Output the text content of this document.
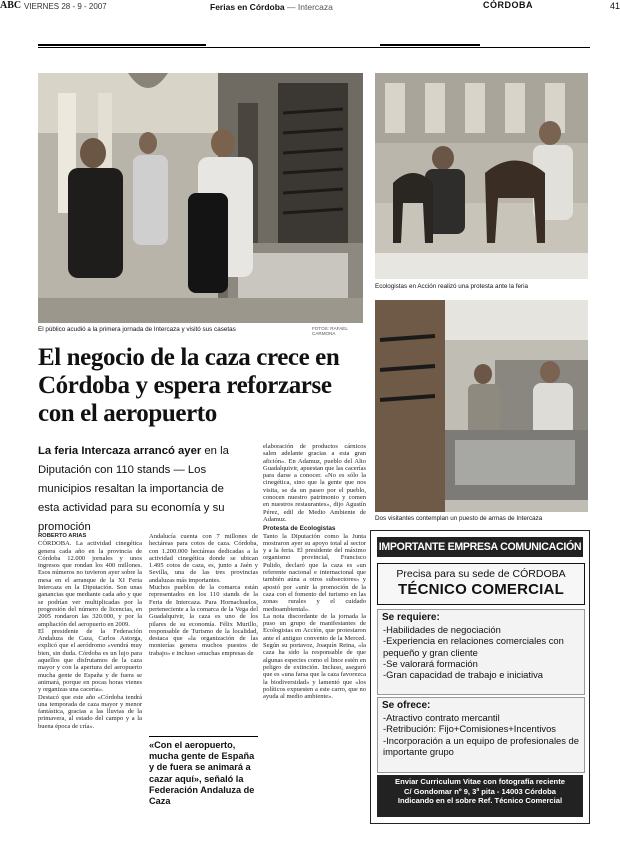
ABC VIERNES 28 - 9 - 2007	Ferias en Córdoba — Intercaza	CÓRDOBA	41
El público acudió a la primera jornada de Intercaza y visitó sus casetas	FOTOS: RAFAEL CARMONA
Ecologistas en Acción realizó una protesta ante la feria
Dos visitantes contemplan un puesto de armas de Intercaza
El negocio de la caza crece en Córdoba y espera reforzarse con el aeropuerto
La feria Intercaza arrancó ayer en la Diputación con 110 stands — Los municipios resaltan la importancia de esta actividad para su economía y su promoción
ROBERTO ARIAS
CÓRDOBA. La actividad cinegética genera cada año en la provincia de Córdoba 12.000 jornales y unos ingresos que rondan los 400 millones. Esos números no tuvieron ayer sobre la mesa en el arranque de la XI Feria Intercaza en la Diputación. Son unas ganancias que mediante cada año y que se podrían ver multiplicadas por la progresión del número de licencias, en 2005 rondaron las 320.000, y por la ampliación del aeropuerto en 2009.
El presidente de la Federación Andaluza de Caza, Carlos Astorga, explicó que el aeródromo «vendrá muy bien, sin duda. Córdoba es un lujo para aquellos que disfrutamos de la caza mayor y con la apertura del aeropuerto mucha gente de España y de fuera se animará, porque en pocas horas vienes y organizas una cacería».
Destacó que este año «Córdoba tendrá una temporada de caza mayor y menor fantástica, gracias a las lluvias de la primavera, al estado del campo y a la buena época de cría».
Andalucía cuenta con 7 millones de hectáreas para cotos de caza. Córdoba, con 1.200.000 hectáreas dedicadas a la actividad cinegética donde se ubican 1.495 cotos de caza, es, junto a Jaén y Sevilla, una de las tres provincias andaluzas más importantes.
Muchos pueblos de la comarca están representados en los 110 stands de la Feria de Intercaza. Para Hornachuelos, perteneciente a la comarca de la Vega del Guadalquivir, la caza es uno de los pilares de su economía. Félix Murillo, responsable de Turismo de la localidad, destaca que «la organización de las monterías genera muchos puestos de trabajo» e incluso «muchas empresas de
«Con el aeropuerto, mucha gente de España y de fuera se animará a cazar aquí», señaló la Federación Andaluza de Caza
elaboración de productos cárnicos salen adelante gracias a esta gran afición». En Adamuz, pueblo del Alto Guadalquivir, apuestan que las cacerías para darse a conocer. «No es sólo la cinegética, sino que la gente que nos visita, se da un paseo por el pueblo, conocen nuestro patrimonio y comen en nuestros restaurantes», dijo Agustín Pérez, edil de Medio Ambiente de Adamuz.
Protesta de Ecologistas
Tanto la Diputación como la Junta mostraron ayer su apoyo total al sector y a la feria. El presidente del máximo organismo provincial, Francisco Pulido, declaró que la caza es «un referente nacional e internacional que también aúna a otros subsectores» y apostó por «unir la promoción de la caza con el fomento del turismo en las zonas rurales y el cuidado medioambiental».
La nota discordante de la jornada la puso un grupo de manifestantes de Ecologistas en Acción, que protestaron ante el antiguo convento de la Merced. Según su portavoz, Joaquín Reina, «la caza ha sido la responsable de que algunas especies como el lince estén en peligro de extinción. Incluso, aseguró que es «una farsa que la caza favorezca la biodiversidad» y lamentó que «los políticos expuesten a este carro, que no ayuda al medio ambiente».
IMPORTANTE EMPRESA COMUNICACIÓN
Precisa para su sede de CÓRDOBA
TÉCNICO COMERCIAL
Se requiere:
-Habilidades de negociación
-Experiencia en relaciones comerciales con pequeño y gran cliente
-Se valorará formación
-Gran capacidad de trabajo e iniciativa
Se ofrece:
-Atractivo contrato mercantil
-Retribución: Fijo+Comisiones+Incentivos
-Incorporación a un equipo de profesionales de importante grupo
Enviar Curriculum Vitae con fotografía reciente
C/ Gondomar nº 9, 3ª pita - 14003 Córdoba
Indicando en el sobre Ref. Técnico Comercial
